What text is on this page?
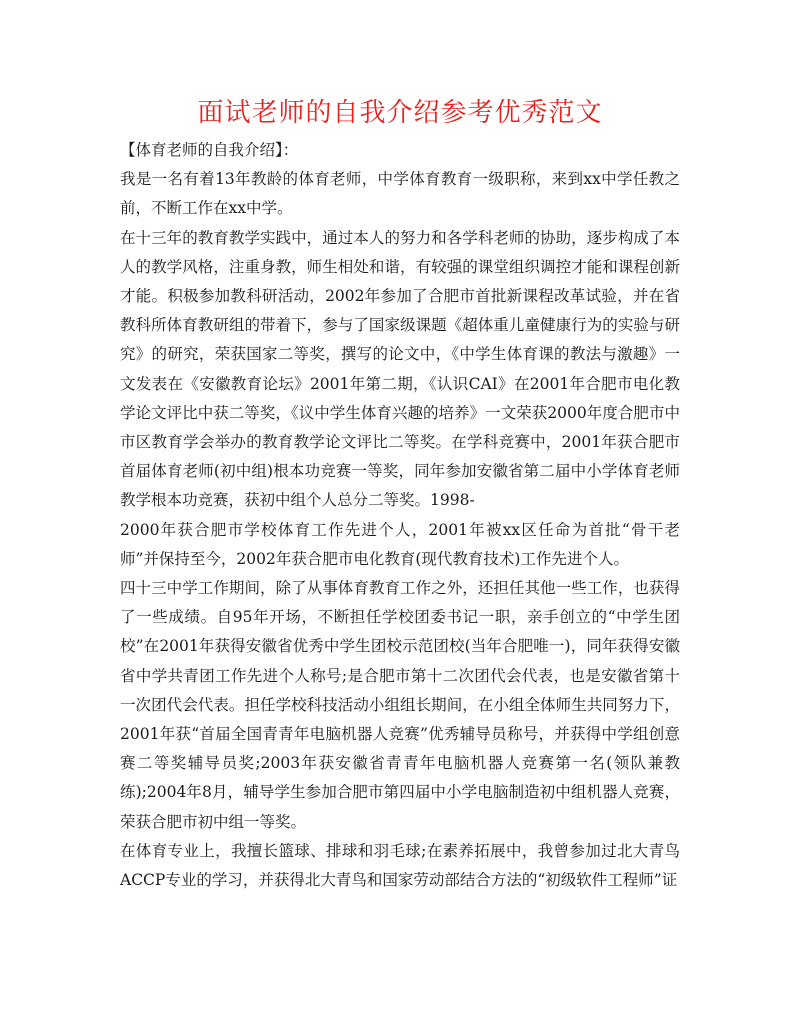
面试老师的自我介绍参考优秀范文

【体育老师的自我介绍】：

我是一名有着13年教龄的体育老师，中学体育教育一级职称，来到xx中学任教之前，不断工作在xx中学。

在十三年的教育教学实践中，通过本人的努力和各学科老师的协助，逐步构成了本人的教学风格，注重身教，师生相处和谐，有较强的课堂组织调控才能和课程创新才能。积极参加教科研活动，2002年参加了合肥市首批新课程改革试验，并在省教科所体育教研组的带着下，参与了国家级课题《超体重儿童健康行为的实验与研究》的研究，荣获国家二等奖，撰写的论文中，《中学生体育课的教法与激趣》一文发表在《安徽教育论坛》2001年第二期，《认识CAI》在2001年合肥市电化教学论文评比中获二等奖，《议中学生体育兴趣的培养》一文荣获2000年度合肥市中市区教育学会举办的教育教学论文评比二等奖。在学科竞赛中，2001年获合肥市首届体育老师(初中组)根本功竞赛一等奖，同年参加安徽省第二届中小学体育老师教学根本功竞赛，获初中组个人总分二等奖。1998-

2000年获合肥市学校体育工作先进个人，2001年被xx区任命为首批“骨干老师”并保持至今，2002年获合肥市电化教育(现代教育技术)工作先进个人。

四十三中学工作期间，除了从事体育教育工作之外，还担任其他一些工作，也获得了一些成绩。自95年开场，不断担任学校团委书记一职，亲手创立的“中学生团校”在2001年获得安徽省优秀中学生团校示范团校(当年合肥唯一)，同年获得安徽省中学共青团工作先进个人称号;是合肥市第十二次团代会代表，也是安徽省第十一次团代会代表。担任学校科技活动小组组长期间，在小组全体师生共同努力下，2001年获“首届全国青青年电脑机器人竞赛”优秀辅导员称号，并获得中学组创意赛二等奖辅导员奖;2003年获安徽省青青年电脑机器人竞赛第一名(领队兼教练);2004年8月，辅导学生参加合肥市第四届中小学电脑制造初中组机器人竞赛，荣获合肥市初中组一等奖。

在体育专业上，我擅长篮球、排球和羽毛球;在素养拓展中，我曾参加过北大青鸟ACCP专业的学习，并获得北大青鸟和国家劳动部结合方法的“初级软件工程师”证
